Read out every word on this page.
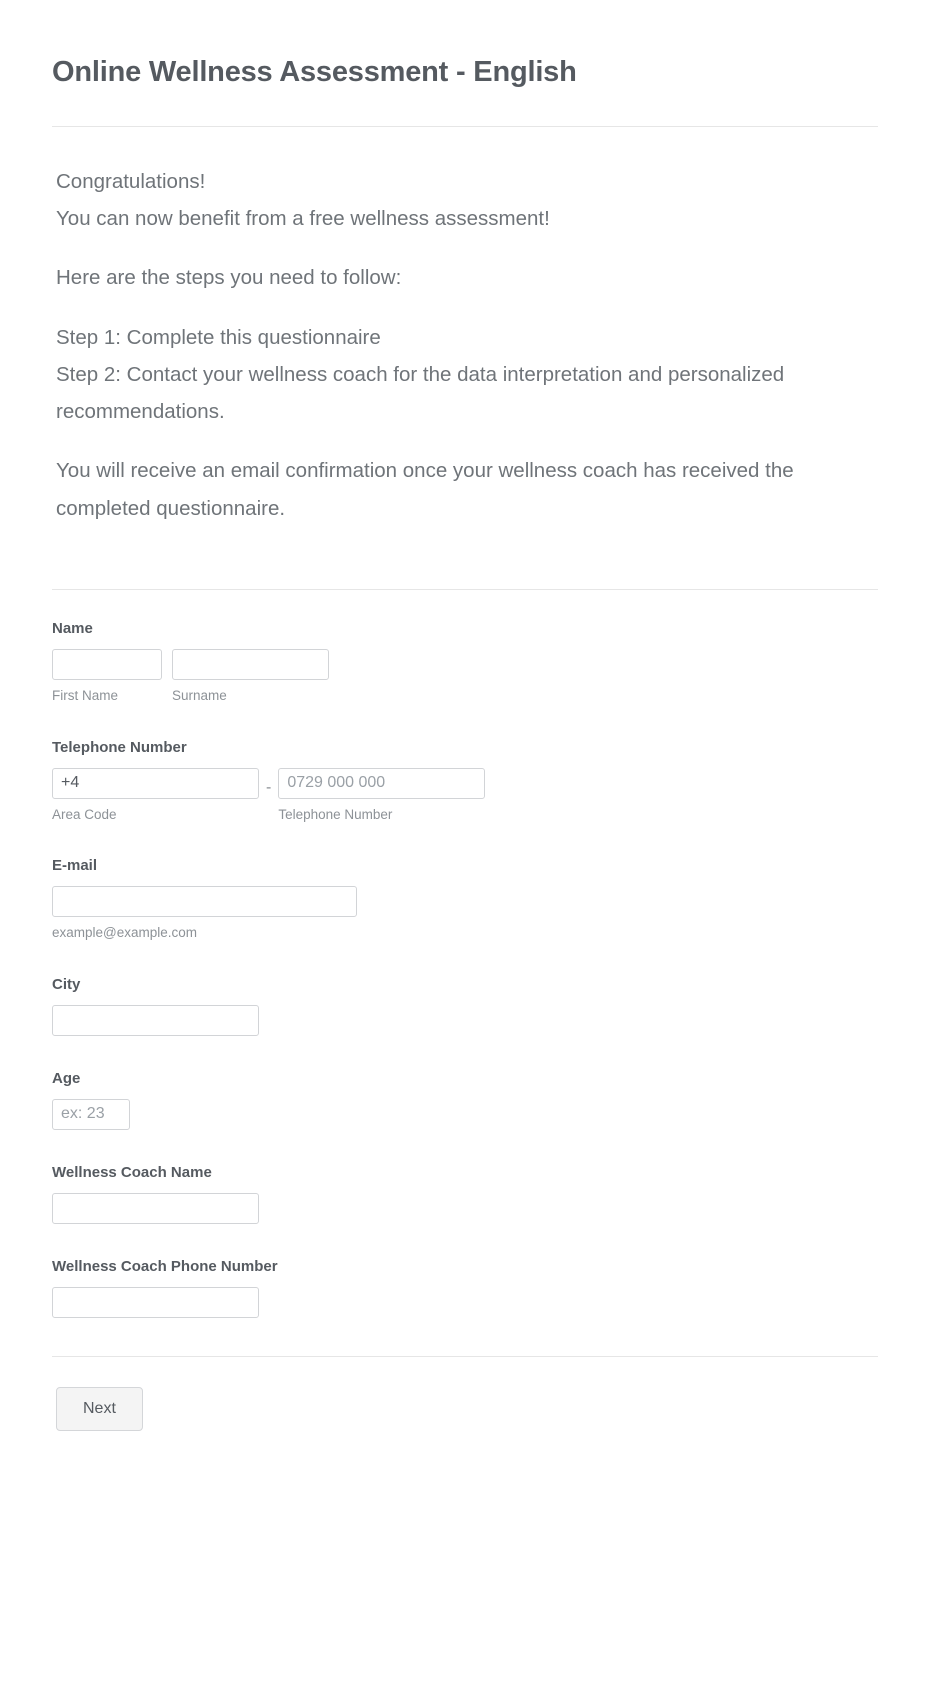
Online Wellness Assessment - English

Congratulations!
You can now benefit from a free wellness assessment!

Here are the steps you need to follow:

Step 1: Complete this questionnaire
Step 2: Contact your wellness coach for the data interpretation and personalized recommendations.

You will receive an email confirmation once your wellness coach has received the completed questionnaire.

Name
First Name	Surname
Telephone Number
+4
Area Code
-
0729 000 000
Telephone Number
E-mail
example@example.com
City
Age
ex: 23
Wellness Coach Name
Wellness Coach Phone Number
Next
